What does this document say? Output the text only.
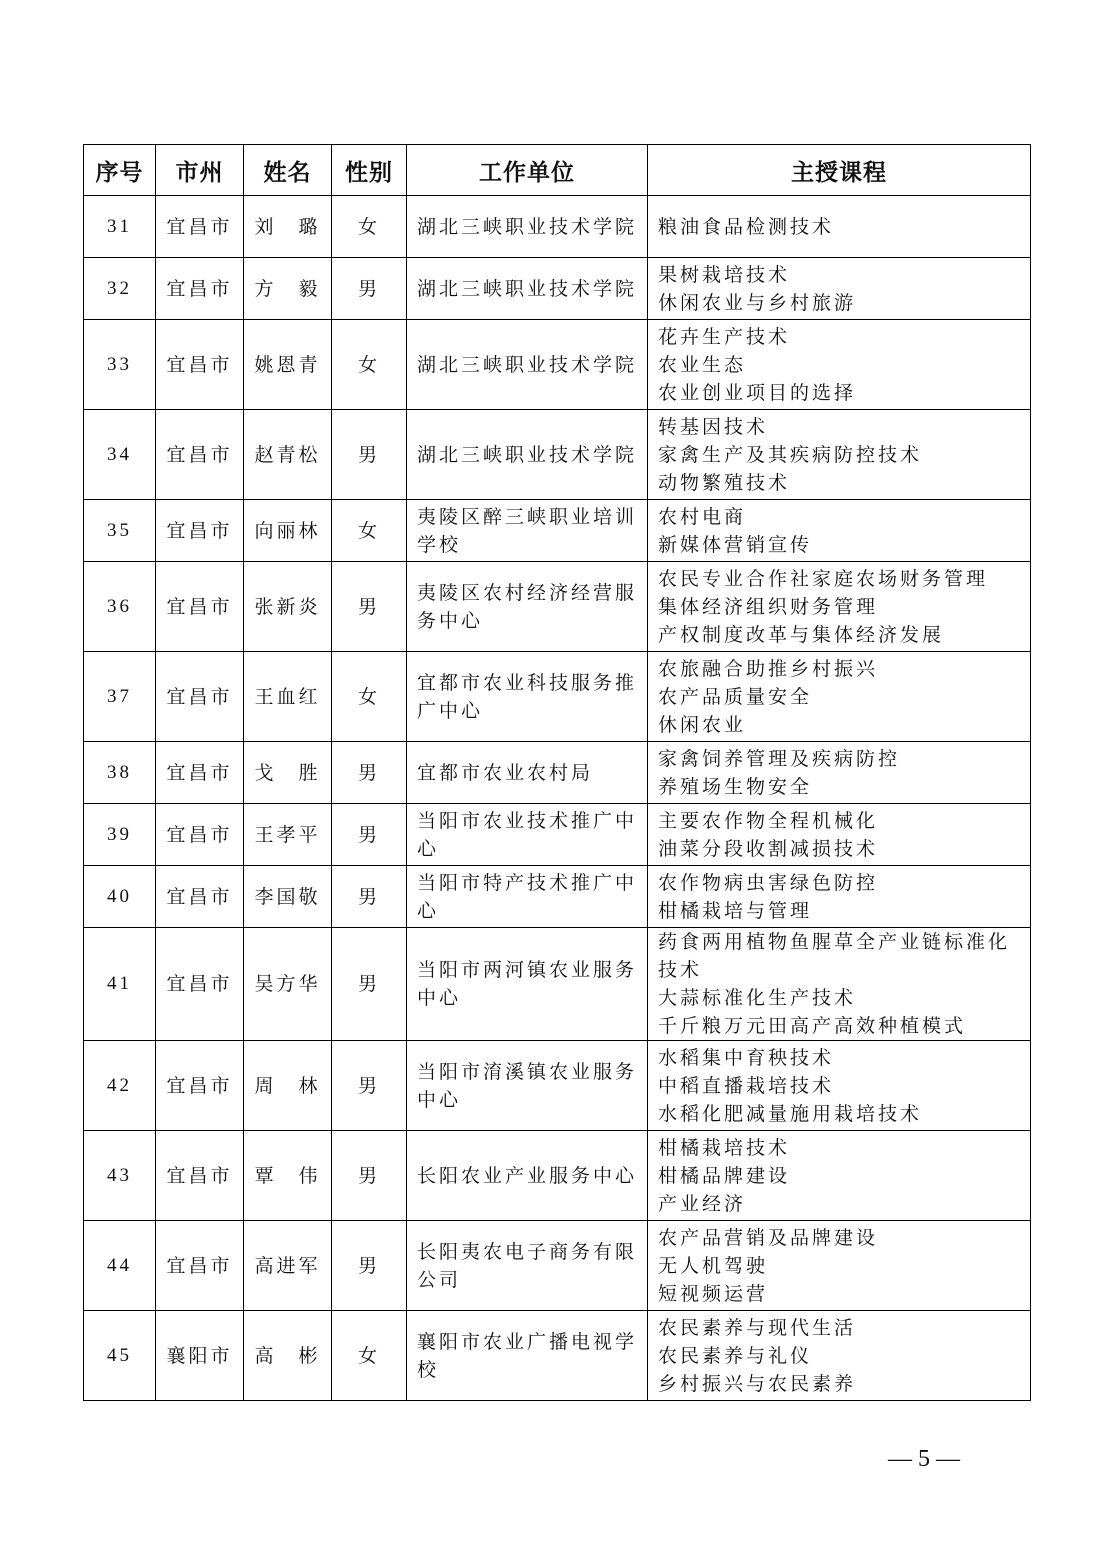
序号	市州	姓名	性别	工作单位	主授课程
31	宜昌市	刘　璐	女	湖北三峡职业技术学院	粮油食品检测技术

32	宜昌市	方　毅	男	湖北三峡职业技术学院	果树栽培技术
休闲农业与乡村旅游

33	宜昌市	姚恩青	女	湖北三峡职业技术学院	花卉生产技术
农业生态
农业创业项目的选择

34	宜昌市	赵青松	男	湖北三峡职业技术学院	转基因技术
家禽生产及其疾病防控技术
动物繁殖技术

35	宜昌市	向丽林	女	夷陵区醉三峡职业培训学校	农村电商
新媒体营销宣传

36	宜昌市	张新炎	男	夷陵区农村经济经营服务中心	农民专业合作社家庭农场财务管理
集体经济组织财务管理
产权制度改革与集体经济发展

37	宜昌市	王血红	女	宜都市农业科技服务推广中心	农旅融合助推乡村振兴
农产品质量安全
休闲农业

38	宜昌市	戈　胜	男	宜都市农业农村局	家禽饲养管理及疾病防控
养殖场生物安全

39	宜昌市	王孝平	男	当阳市农业技术推广中心	主要农作物全程机械化
油菜分段收割减损技术

40	宜昌市	李国敬	男	当阳市特产技术推广中心	农作物病虫害绿色防控
柑橘栽培与管理

41	宜昌市	吴方华	男	当阳市两河镇农业服务中心	药食两用植物鱼腥草全产业链标准化技术
大蒜标准化生产技术
千斤粮万元田高产高效种植模式

42	宜昌市	周　林	男	当阳市淯溪镇农业服务中心	水稻集中育秧技术
中稻直播栽培技术
水稻化肥减量施用栽培技术

43	宜昌市	覃　伟	男	长阳农业产业服务中心	柑橘栽培技术
柑橘品牌建设
产业经济

44	宜昌市	高进军	男	长阳夷农电子商务有限公司	农产品营销及品牌建设
无人机驾驶
短视频运营

45	襄阳市	高　彬	女	襄阳市农业广播电视学校	农民素养与现代生活
农民素养与礼仪
乡村振兴与农民素养
— 5 —
